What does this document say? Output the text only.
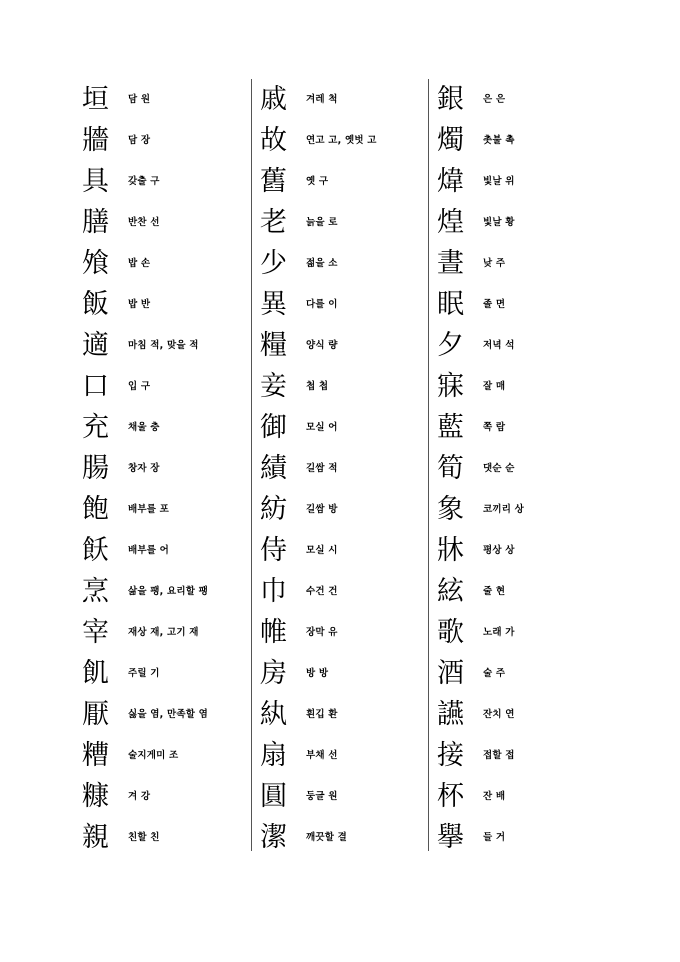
垣	담 원
牆	담 장
具	갖출 구
膳	반찬 선
飧	밥 손
飯	밥 반
適	마침 적, 맞을 적
口	입 구
充	채울 충
腸	창자 장
飽	배부를 포
飫	배부를 어
烹	삶을 팽, 요리할 팽
宰	재상 재, 고기 재
飢	주릴 기
厭	싫을 염, 만족할 염
糟	술지게미 조
糠	겨 강
親	친할 친
戚	겨레 척
故	연고 고, 옛벗 고
舊	옛 구
老	늙을 로
少	젊을 소
異	다를 이
糧	양식 량
妾	첩 첩
御	모실 어
績	길쌈 적
紡	길쌈 방
侍	모실 시
巾	수건 건
帷	장막 유
房	방 방
紈	흰깁 환
扇	부채 선
圓	둥글 원
潔	깨끗할 결
銀	은 은
燭	촛불 촉
煒	빛날 위
煌	빛날 황
晝	낮 주
眠	졸 면
夕	저녁 석
寐	잘 매
藍	쪽 람
筍	댓순 순
象	코끼리 상
牀	평상 상
絃	줄 현
歌	노래 가
酒	술 주
讌	잔치 연
接	접할 접
杯	잔 배
擧	들 거
